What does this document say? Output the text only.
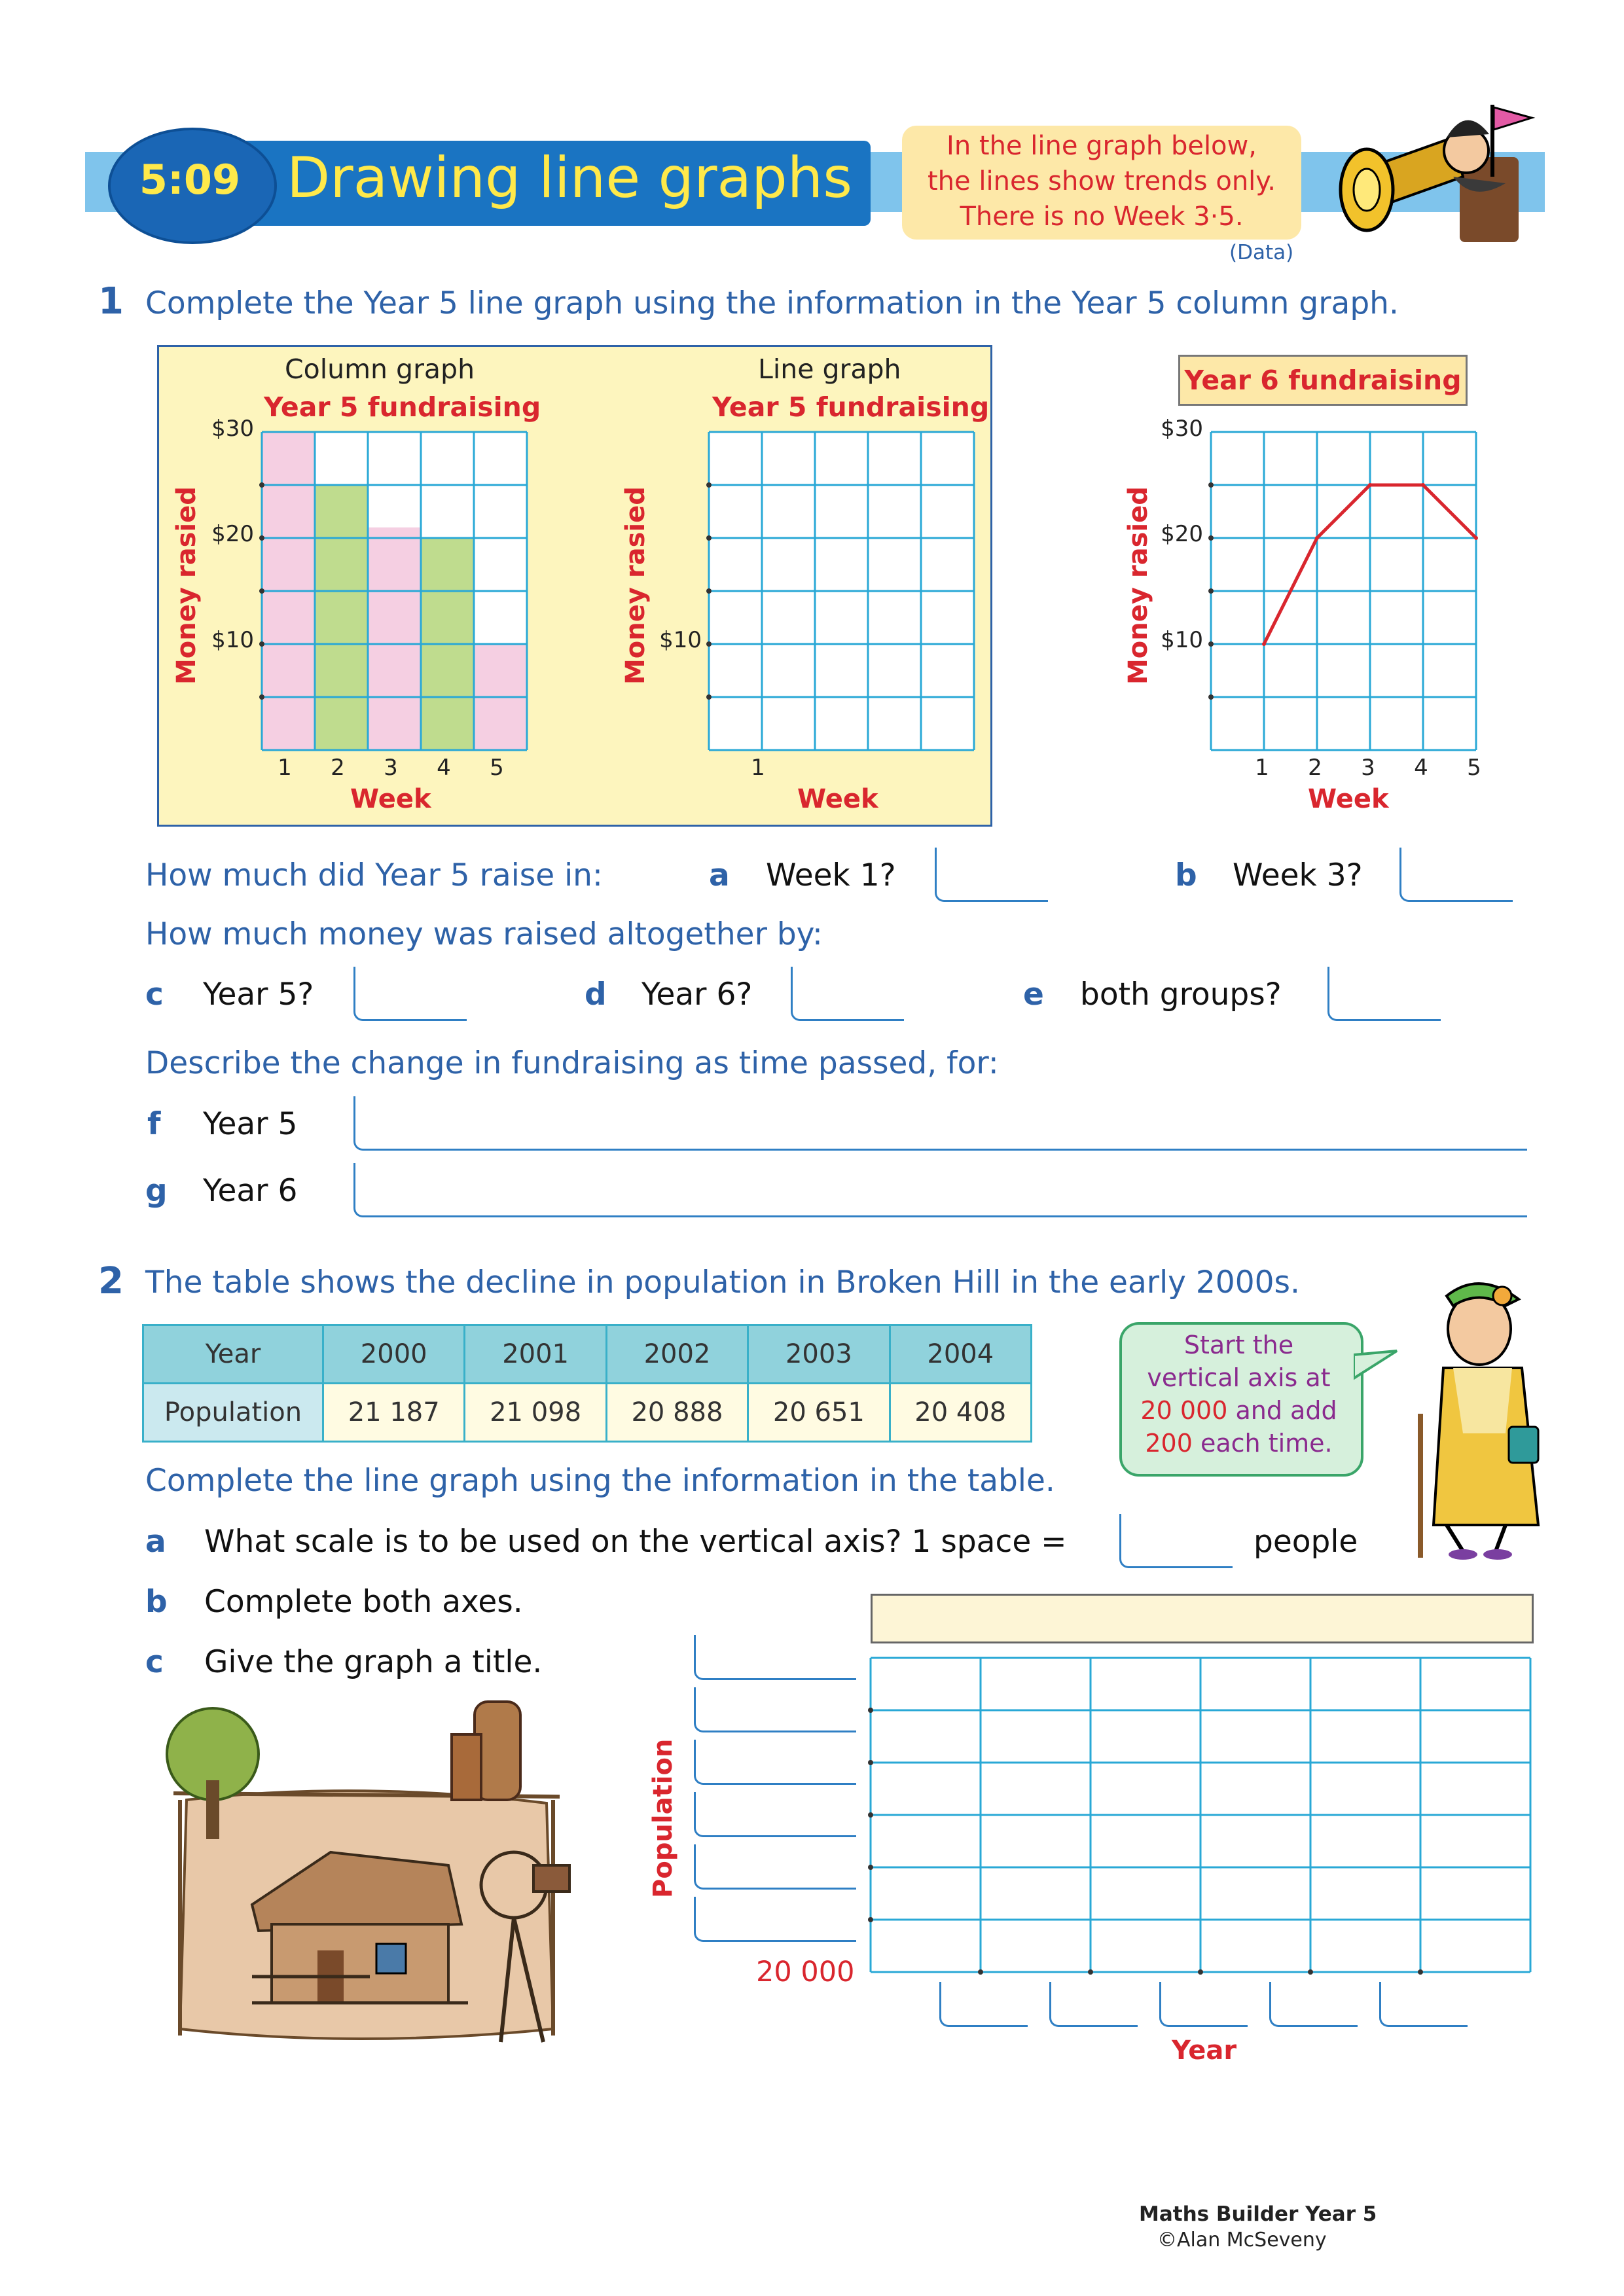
5:09 Drawing line graphs	In the line graph below,
the lines show trends only.
There is no Week 3·5.
(Data)
1 Complete the Year 5 line graph using the information in the Year 5 column graph.
Column graph
Year 5 fundraising
Line graph
Year 5 fundraising
$30
$20
$10
1	2	3	4	5
Week
Money rasied	$10
1
Week
Money rasied
Year 6 fundraising
$30
$20
$10
1	2	3	4	5
Week
Money rasied
How much did Year 5 raise in:	a Week 1?	b Week 3?
How much money was raised altogether by:
c Year 5?	d Year 6?	e both groups?
Describe the change in fundraising as time passed, for:
f Year 5
g Year 6
2 The table shows the decline in population in Broken Hill in the early 2000s.
Year	2000	2001	2002	2003	2004
Population	21 187	21 098	20 888	20 651	20 408
Start the
vertical axis at
20 000 and add
200 each time.
Complete the line graph using the information in the table.
a What scale is to be used on the vertical axis? 1 space =	people
b Complete both axes.
c Give the graph a title.
Population
20 000
Year
Maths Builder Year 5
©Alan McSeveny
